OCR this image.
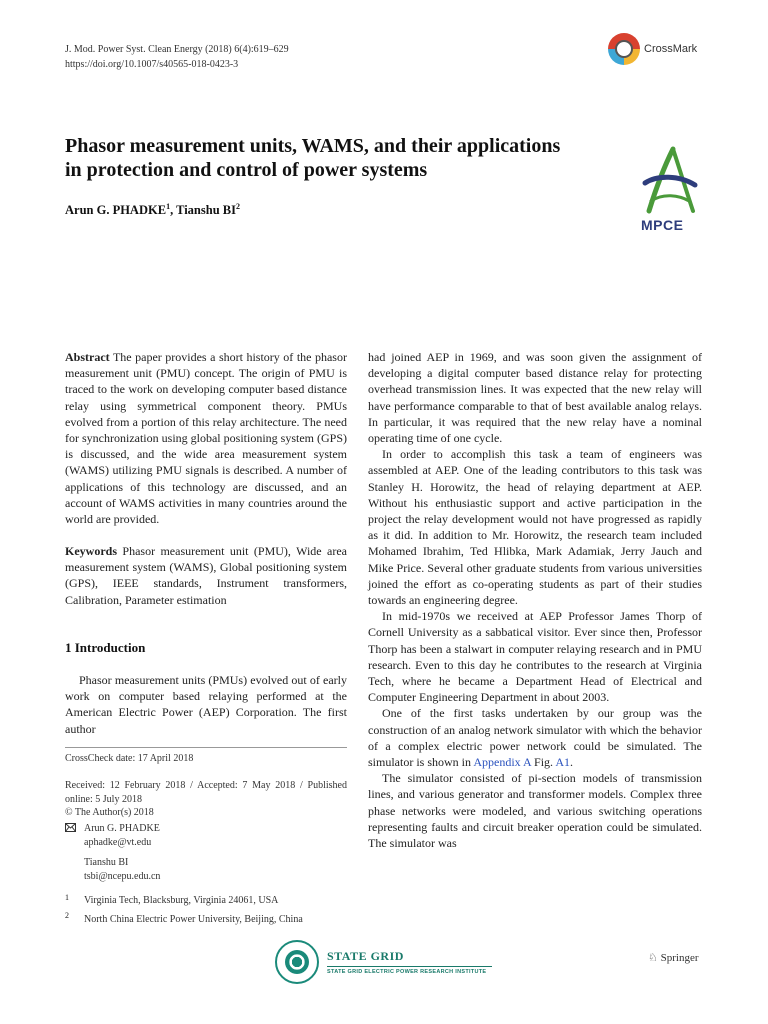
J. Mod. Power Syst. Clean Energy (2018) 6(4):619–629
https://doi.org/10.1007/s40565-018-0423-3
CrossMark
Phasor measurement units, WAMS, and their applications
in protection and control of power systems
Arun G. PHADKE$^1$, Tianshu $BI^2$
MPCE

Abstract The paper provides a short history of the phasor measurement unit (PMU) concept. The origin of PMU is traced to the work on developing computer based distance relay using symmetrical component theory. PMUs evolved from a portion of this relay architecture. The need for synchronization using global positioning system (GPS) is discussed, and the wide area measurement system (WAMS) utilizing PMU signals is described. A number of applications of this technology are discussed, and an account of WAMS activities in many countries around the world are provided.

Keywords Phasor measurement unit (PMU), Wide area measurement system (WAMS), Global positioning system (GPS), IEEE standards, Instrument transformers, Calibration, Parameter estimation

1 Introduction

Phasor measurement units (PMUs) evolved out of early work on computer based relaying performed at the American Electric Power (AEP) Corporation. The first author

CrossCheck date: 17 April 2018
Received: 12 February 2018 / Accepted: 7 May 2018 / Published online: 5 July 2018
© The Author(s) 2018
Arun G. PHADKE
aphadke@vt.edu
Tianshu BI
tsbi@ncepu.edu.cn
1 Virginia Tech, Blacksburg, Virginia 24061, USA
2 North China Electric Power University, Beijing, China

had joined AEP in 1969, and was soon given the assignment of developing a digital computer based distance relay for protecting overhead transmission lines. It was expected that the new relay will have performance comparable to that of best available analog relays. In particular, it was required that the new relay have a nominal operating time of one cycle.

In order to accomplish this task a team of engineers was assembled at AEP. One of the leading contributors to this task was Stanley H. Horowitz, the head of relaying department at AEP. Without his enthusiastic support and active participation in the project the relay development would not have progressed as rapidly as it did. In addition to Mr. Horowitz, the research team included Mohamed Ibrahim, Ted Hlibka, Mark Adamiak, Jerry Jauch and Mike Price. Several other graduate students from various universities joined the effort as co-operating students as part of their studies towards an engineering degree.

In mid-1970s we received at AEP Professor James Thorp of Cornell University as a sabbatical visitor. Ever since then, Professor Thorp has been a stalwart in computer relaying research and in PMU research. Even to this day he contributes to the research at Virginia Tech, where he became a Department Head of Electrical and Computer Engineering Department in about 2003.

One of the first tasks undertaken by our group was the construction of an analog network simulator with which the behavior of a complex electric power network could be simulated. The simulator is shown in Appendix A Fig. A1.

The simulator consisted of pi-section models of transmission lines, and various generator and transformer models. Complex three phase networks were modeled, and various switching operations representing faults and circuit breaker operation could be simulated. The simulator was

STATE GRID
STATE GRID ELECTRIC POWER RESEARCH INSTITUTE
♘ Springer
